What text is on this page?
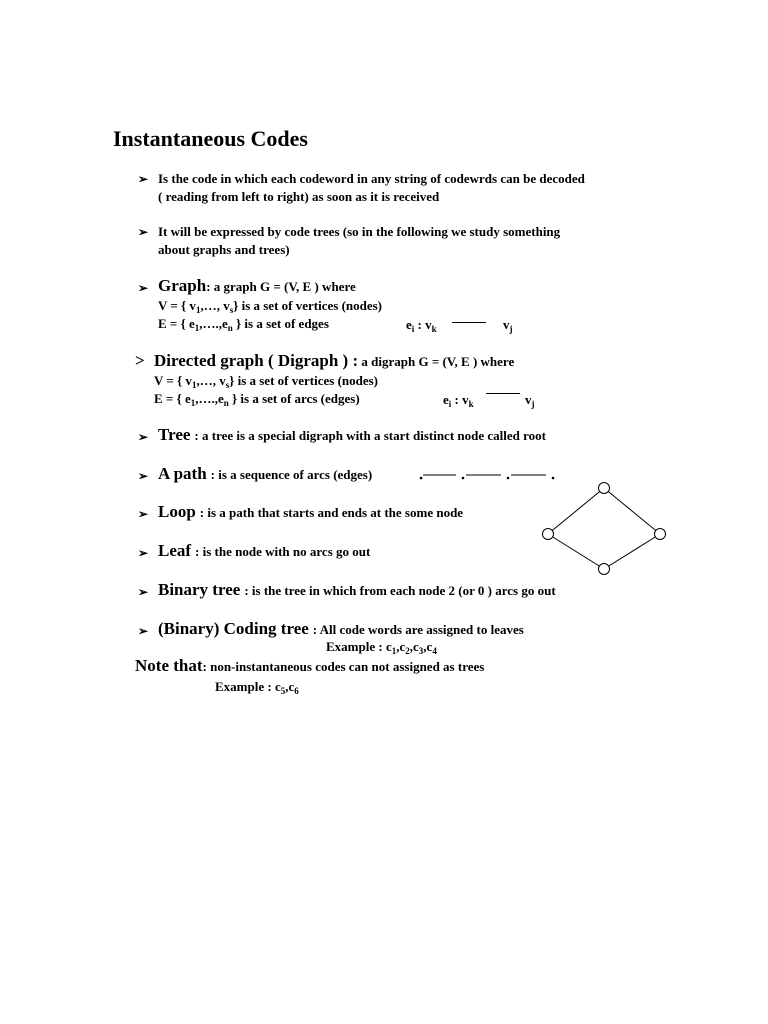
Instantaneous Codes
➢ Is the code in which each codeword in any string of codewrds can be decoded
( reading from left to right) as soon as it is received
➢ It will be expressed by code trees (so in the following we study something
about graphs and trees)
➢ Graph: a graph G = (V, E ) where
V = { $v_1,\dots$, $v_s$} is a set of vertices (nodes)
E = { $e_1,\dots.,e_n$ } is a set of edges	$e_i$ : $v_k$	$v_j$
> Directed graph ( Digraph ) : a digraph G = (V, E ) where
V = { $v_1,\dots$, $v_s$} is a set of vertices (nodes)
E = { $e_1,\dots.,e_n$ } is a set of arcs (edges)	$e_i$ : $v_k$	$v_j$
➢ Tree : a tree is a special digraph with a start distinct node called root
➢ A path : is a sequence of arcs (edges)
➢ Loop : is a path that starts and ends at the some node
➢ Leaf : is the node with no arcs go out
➢ Binary tree : is the tree in which from each node 2 (or 0 ) arcs go out
➢ (Binary) Coding tree : All code words are assigned to leaves
Example : $c_1,c_2,c_3,c_4$
Note that: non-instantaneous codes can not assigned as trees
Example : $c_5,c_6$
